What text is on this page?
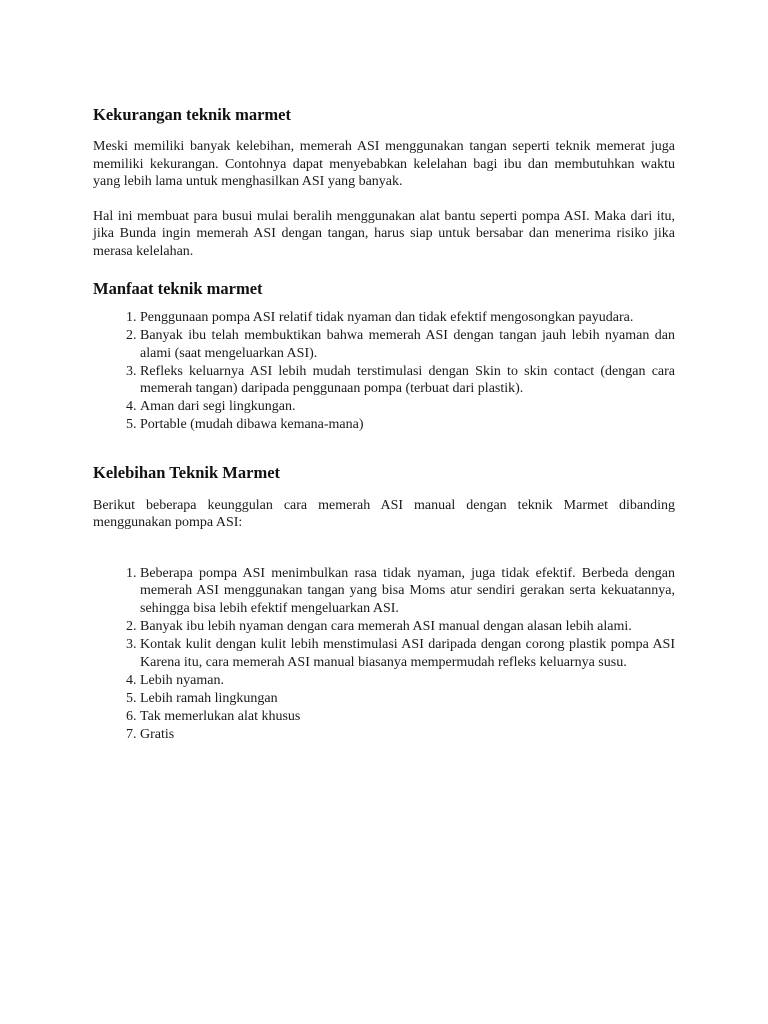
Kekurangan teknik marmet

Meski memiliki banyak kelebihan, memerah ASI menggunakan tangan seperti teknik memerat juga memiliki kekurangan. Contohnya dapat menyebabkan kelelahan bagi ibu dan membutuhkan waktu yang lebih lama untuk menghasilkan ASI yang banyak.

Hal ini membuat para busui mulai beralih menggunakan alat bantu seperti pompa ASI. Maka dari itu, jika Bunda ingin memerah ASI dengan tangan, harus siap untuk bersabar dan menerima risiko jika merasa kelelahan.

Manfaat teknik marmet
1. Penggunaan pompa ASI relatif tidak nyaman dan tidak efektif mengosongkan payudara.
2. Banyak ibu telah membuktikan bahwa memerah ASI dengan tangan jauh lebih nyaman dan alami (saat mengeluarkan ASI).
3. Refleks keluarnya ASI lebih mudah terstimulasi dengan Skin to skin contact (dengan cara memerah tangan) daripada penggunaan pompa (terbuat dari plastik).
4. Aman dari segi lingkungan.
5. Portable (mudah dibawa kemana-mana)
Kelebihan Teknik Marmet

Berikut beberapa keunggulan cara memerah ASI manual dengan teknik Marmet dibanding menggunakan pompa ASI:

1. Beberapa pompa ASI menimbulkan rasa tidak nyaman, juga tidak efektif. Berbeda dengan memerah ASI menggunakan tangan yang bisa Moms atur sendiri gerakan serta kekuatannya, sehingga bisa lebih efektif mengeluarkan ASI.
2. Banyak ibu lebih nyaman dengan cara memerah ASI manual dengan alasan lebih alami.
3. Kontak kulit dengan kulit lebih menstimulasi ASI daripada dengan corong plastik pompa ASI Karena itu, cara memerah ASI manual biasanya mempermudah refleks keluarnya susu.
4. Lebih nyaman.
5. Lebih ramah lingkungan
6. Tak memerlukan alat khusus
7. Gratis
